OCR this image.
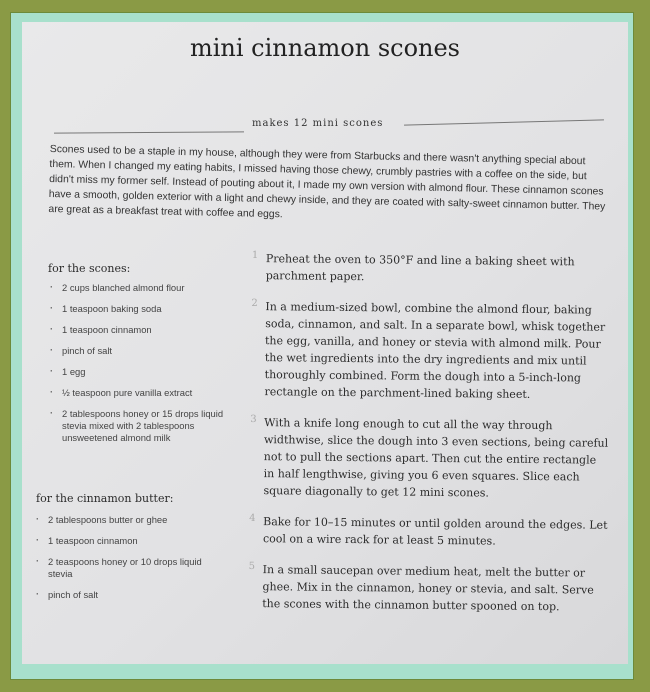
mini cinnamon scones
makes 12 mini scones
Scones used to be a staple in my house, although they were from Starbucks and there wasn't anything special about them. When I changed my eating habits, I missed having those chewy, crumbly pastries with a coffee on the side, but didn't miss my former self. Instead of pouting about it, I made my own version with almond flour. These cinnamon scones have a smooth, golden exterior with a light and chewy inside, and they are coated with salty-sweet cinnamon butter. They are great as a breakfast treat with coffee and eggs.
for the scones:
· 2 cups blanched almond flour
· 1 teaspoon baking soda
· 1 teaspoon cinnamon
· pinch of salt
· 1 egg
· ½ teaspoon pure vanilla extract
· 2 tablespoons honey or 15 drops liquid stevia mixed with 2 tablespoons unsweetened almond milk
for the cinnamon butter:
· 2 tablespoons butter or ghee
· 1 teaspoon cinnamon
· 2 teaspoons honey or 10 drops liquid stevia
· pinch of salt
1 Preheat the oven to 350°F and line a baking sheet with parchment paper.
2 In a medium-sized bowl, combine the almond flour, baking soda, cinnamon, and salt. In a separate bowl, whisk together the egg, vanilla, and honey or stevia with almond milk. Pour the wet ingredients into the dry ingredients and mix until thoroughly combined. Form the dough into a 5-inch-long rectangle on the parchment-lined baking sheet.
3 With a knife long enough to cut all the way through widthwise, slice the dough into 3 even sections, being careful not to pull the sections apart. Then cut the entire rectangle in half lengthwise, giving you 6 even squares. Slice each square diagonally to get 12 mini scones.
4 Bake for 10–15 minutes or until golden around the edges. Let cool on a wire rack for at least 5 minutes.
5 In a small saucepan over medium heat, melt the butter or ghee. Mix in the cinnamon, honey or stevia, and salt. Serve the scones with the cinnamon butter spooned on top.
